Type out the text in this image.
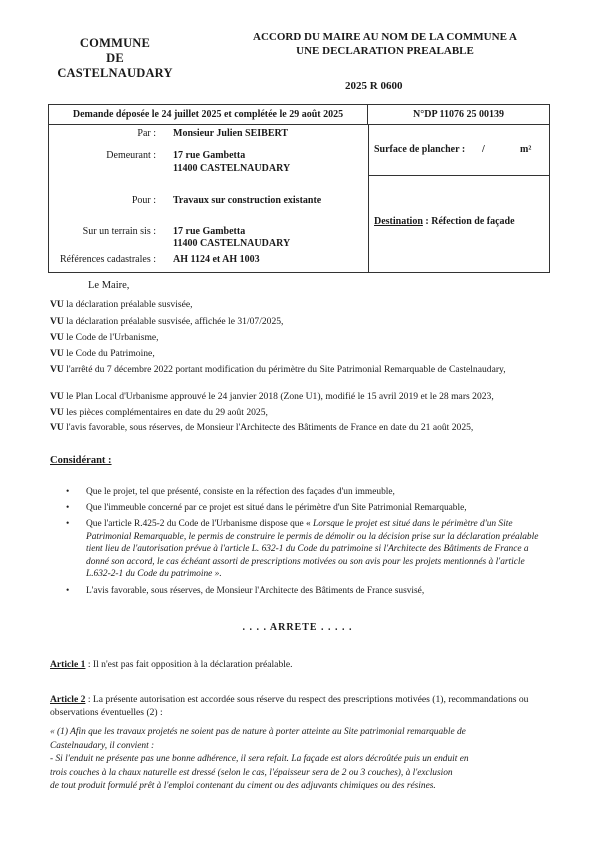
COMMUNE
DE
CASTELNAUDARY
ACCORD DU MAIRE AU NOM DE LA COMMUNE A
UNE DECLARATION PREALABLE
2025 R 0600
Demande déposée le 24 juillet 2025 et complétée le 29 août 2025	N°DP 11076 25 00139
Par : Monsieur Julien SEIBERT
Demeurant : 17 rue Gambetta
11400 CASTELNAUDARY
Pour : Travaux sur construction existante
Sur un terrain sis : 17 rue Gambetta
11400 CASTELNAUDARY
Références cadastrales : AH 1124 et AH 1003
Surface de plancher : /	m²
Destination : Réfection de façade
Le Maire,
VU la déclaration préalable susvisée,
VU la déclaration préalable susvisée, affichée le 31/07/2025,
VU le Code de l'Urbanisme,
VU le Code du Patrimoine,
VU l'arrêté du 7 décembre 2022 portant modification du périmètre du Site Patrimonial Remarquable de Castelnaudary,
VU le Plan Local d'Urbanisme approuvé le 24 janvier 2018 (Zone U1), modifié le 15 avril 2019 et le 28 mars 2023,
VU les pièces complémentaires en date du 29 août 2025,
VU l'avis favorable, sous réserves, de Monsieur l'Architecte des Bâtiments de France en date du 21 août 2025,
Considérant :
• Que le projet, tel que présenté, consiste en la réfection des façades d'un immeuble,
• Que l'immeuble concerné par ce projet est situé dans le périmètre d'un Site Patrimonial Remarquable,
• Que l'article R.425-2 du Code de l'Urbanisme dispose que « Lorsque le projet est situé dans le périmètre d'un Site Patrimonial Remarquable, le permis de construire le permis de démolir ou la décision prise sur la déclaration préalable tient lieu de l'autorisation prévue à l'article L. 632-1 du Code du patrimoine si l'Architecte des Bâtiments de France a donné son accord, le cas échéant assorti de prescriptions motivées ou son avis pour les projets mentionnés à l'article L.632-2-1 du Code du patrimoine ».
• L'avis favorable, sous réserves, de Monsieur l'Architecte des Bâtiments de France susvisé,
. . . . ARRETE . . . . .
Article 1 : Il n'est pas fait opposition à la déclaration préalable.
Article 2 : La présente autorisation est accordée sous réserve du respect des prescriptions motivées (1), recommandations ou observations éventuelles (2) :
« (1) Afin que les travaux projetés ne soient pas de nature à porter atteinte au Site patrimonial remarquable de
Castelnaudary, il convient :
- Si l'enduit ne présente pas une bonne adhérence, il sera refait. La façade est alors décroûtée puis un enduit en
trois couches à la chaux naturelle est dressé (selon le cas, l'épaisseur sera de 2 ou 3 couches), à l'exclusion
de tout produit formulé prêt à l'emploi contenant du ciment ou des adjuvants chimiques ou des résines.
